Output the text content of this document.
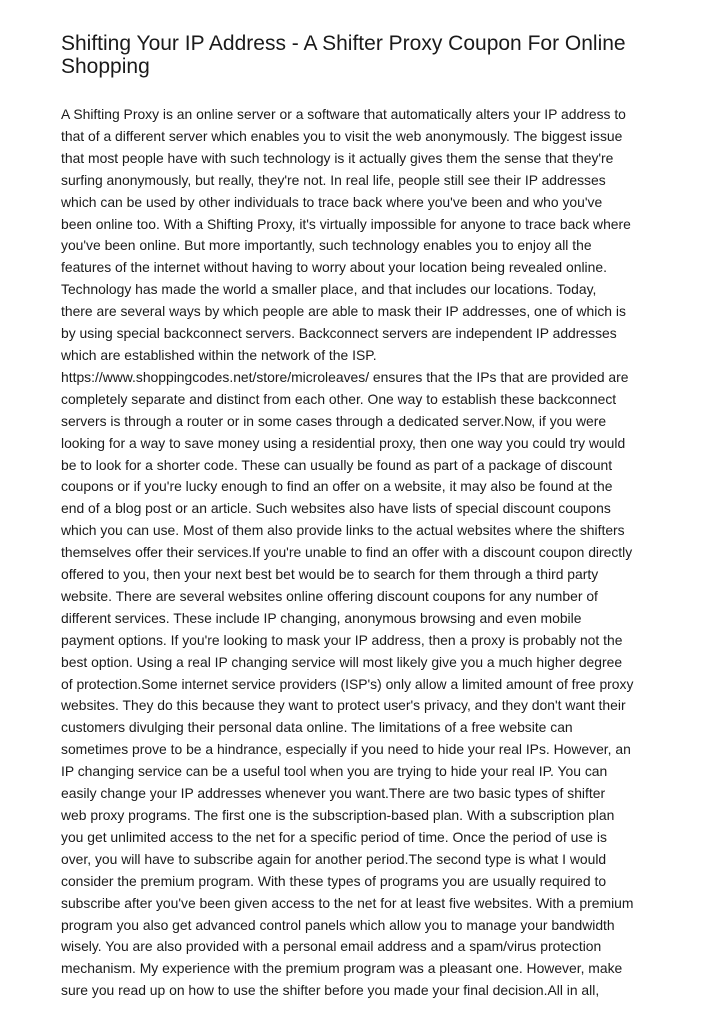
Shifting Your IP Address - A Shifter Proxy Coupon For Online
Shopping

A Shifting Proxy is an online server or a software that automatically alters your IP address to
that of a different server which enables you to visit the web anonymously. The biggest issue
that most people have with such technology is it actually gives them the sense that they're
surfing anonymously, but really, they're not. In real life, people still see their IP addresses
which can be used by other individuals to trace back where you've been and who you've
been online too. With a Shifting Proxy, it's virtually impossible for anyone to trace back where
you've been online. But more importantly, such technology enables you to enjoy all the
features of the internet without having to worry about your location being revealed online.
Technology has made the world a smaller place, and that includes our locations. Today,
there are several ways by which people are able to mask their IP addresses, one of which is
by using special backconnect servers. Backconnect servers are independent IP addresses
which are established within the network of the ISP.
https://www.shoppingcodes.net/store/microleaves/ ensures that the IPs that are provided are
completely separate and distinct from each other. One way to establish these backconnect
servers is through a router or in some cases through a dedicated server.Now, if you were
looking for a way to save money using a residential proxy, then one way you could try would
be to look for a shorter code. These can usually be found as part of a package of discount
coupons or if you're lucky enough to find an offer on a website, it may also be found at the
end of a blog post or an article. Such websites also have lists of special discount coupons
which you can use. Most of them also provide links to the actual websites where the shifters
themselves offer their services.If you're unable to find an offer with a discount coupon directly
offered to you, then your next best bet would be to search for them through a third party
website. There are several websites online offering discount coupons for any number of
different services. These include IP changing, anonymous browsing and even mobile
payment options. If you're looking to mask your IP address, then a proxy is probably not the
best option. Using a real IP changing service will most likely give you a much higher degree
of protection.Some internet service providers (ISP's) only allow a limited amount of free proxy
websites. They do this because they want to protect user's privacy, and they don't want their
customers divulging their personal data online. The limitations of a free website can
sometimes prove to be a hindrance, especially if you need to hide your real IPs. However, an
IP changing service can be a useful tool when you are trying to hide your real IP. You can
easily change your IP addresses whenever you want.There are two basic types of shifter
web proxy programs. The first one is the subscription-based plan. With a subscription plan
you get unlimited access to the net for a specific period of time. Once the period of use is
over, you will have to subscribe again for another period.The second type is what I would
consider the premium program. With these types of programs you are usually required to
subscribe after you've been given access to the net for at least five websites. With a premium
program you also get advanced control panels which allow you to manage your bandwidth
wisely. You are also provided with a personal email address and a spam/virus protection
mechanism. My experience with the premium program was a pleasant one. However, make
sure you read up on how to use the shifter before you made your final decision.All in all,
